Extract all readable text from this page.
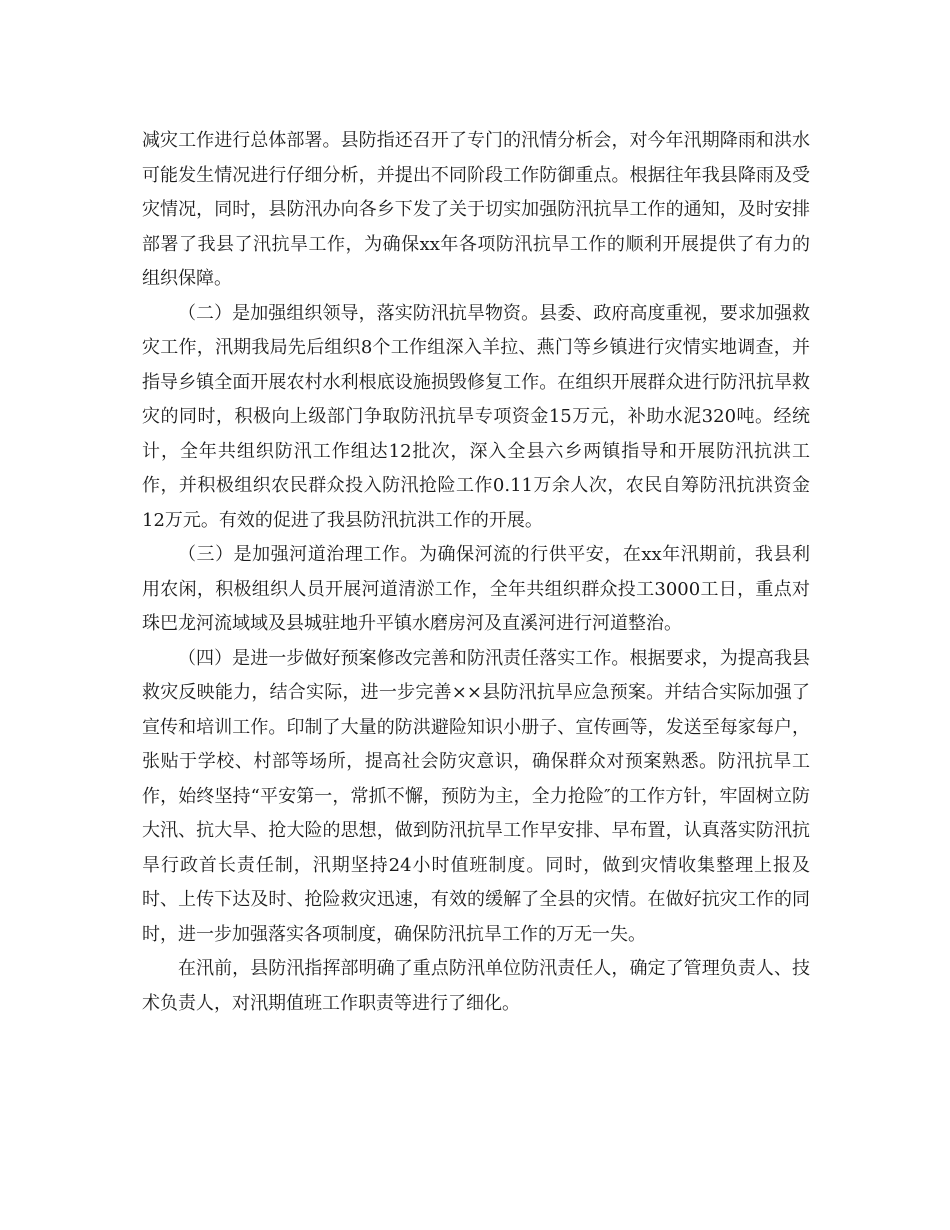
减灾工作进行总体部署。县防指还召开了专门的汛情分析会，对今年汛期降雨和洪水可能发生情况进行仔细分析，并提出不同阶段工作防御重点。根据往年我县降雨及受灾情况，同时，县防汛办向各乡下发了关于切实加强防汛抗旱工作的通知，及时安排部署了我县了汛抗旱工作，为确保xx年各项防汛抗旱工作的顺利开展提供了有力的组织保障。

（二）是加强组织领导，落实防汛抗旱物资。县委、政府高度重视，要求加强救灾工作，汛期我局先后组织8个工作组深入羊拉、燕门等乡镇进行灾情实地调查，并指导乡镇全面开展农村水利根底设施损毁修复工作。在组织开展群众进行防汛抗旱救灾的同时，积极向上级部门争取防汛抗旱专项资金15万元，补助水泥320吨。经统计，全年共组织防汛工作组达12批次，深入全县六乡两镇指导和开展防汛抗洪工作，并积极组织农民群众投入防汛抢险工作0.11万余人次，农民自筹防汛抗洪资金12万元。有效的促进了我县防汛抗洪工作的开展。

（三）是加强河道治理工作。为确保河流的行供平安，在xx年汛期前，我县利用农闲，积极组织人员开展河道清淤工作，全年共组织群众投工3000工日，重点对珠巴龙河流域域及县城驻地升平镇水磨房河及直溪河进行河道整治。

（四）是进一步做好预案修改完善和防汛责任落实工作。根据要求，为提高我县救灾反映能力，结合实际，进一步完善××县防汛抗旱应急预案。并结合实际加强了宣传和培训工作。印制了大量的防洪避险知识小册子、宣传画等，发送至每家每户，张贴于学校、村部等场所，提高社会防灾意识，确保群众对预案熟悉。防汛抗旱工作，始终坚持“平安第一，常抓不懈，预防为主，全力抢险″的工作方针，牢固树立防大汛、抗大旱、抢大险的思想，做到防汛抗旱工作早安排、早布置，认真落实防汛抗旱行政首长责任制，汛期坚持24小时值班制度。同时，做到灾情收集整理上报及时、上传下达及时、抢险救灾迅速，有效的缓解了全县的灾情。在做好抗灾工作的同时，进一步加强落实各项制度，确保防汛抗旱工作的万无一失。

在汛前，县防汛指挥部明确了重点防汛单位防汛责任人，确定了管理负责人、技术负责人，对汛期值班工作职责等进行了细化。
